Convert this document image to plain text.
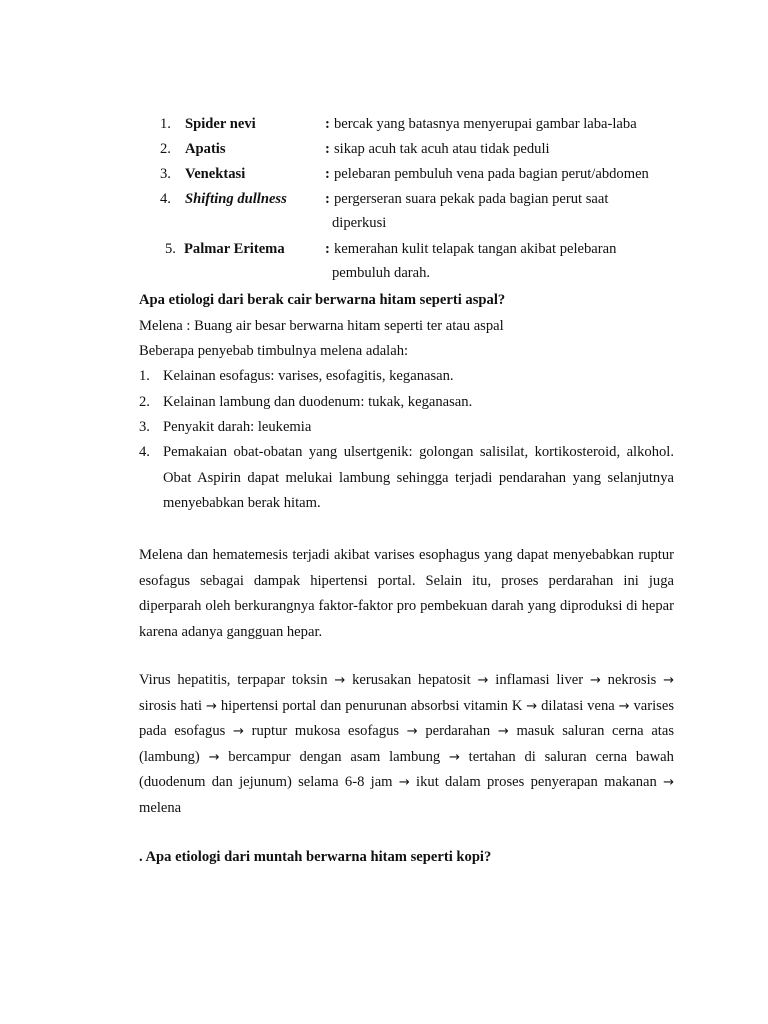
1. Spider nevi	: bercak yang batasnya menyerupai gambar laba-laba
2. Apatis	: sikap acuh tak acuh atau tidak peduli
3. Venektasi	: pelebaran pembuluh vena pada bagian perut/abdomen
4. Shifting dullness	: pergerseran suara pekak pada bagian perut saat
diperkusi
5. Palmar Eritema	: kemerahan kulit telapak tangan akibat pelebaran
pembuluh darah.
Apa etiologi dari berak cair berwarna hitam seperti aspal?
Melena : Buang air besar berwarna hitam seperti ter atau aspal
Beberapa penyebab timbulnya melena adalah:
1. Kelainan esofagus: varises, esofagitis, keganasan.
2. Kelainan lambung dan duodenum: tukak, keganasan.
3. Penyakit darah: leukemia
4. Pemakaian obat-obatan yang ulsertgenik: golongan salisilat, kortikosteroid, alkohol. Obat Aspirin dapat melukai lambung sehingga terjadi pendarahan yang selanjutnya menyebabkan berak hitam.
Melena dan hematemesis terjadi akibat varises esophagus yang dapat menyebabkan ruptur esofagus sebagai dampak hipertensi portal. Selain itu, proses perdarahan ini juga diperparah oleh berkurangnya faktor-faktor pro pembekuan darah yang diproduksi di hepar karena adanya gangguan hepar.
Virus hepatitis, terpapar toksin → kerusakan hepatosit → inflamasi liver → nekrosis → sirosis hati → hipertensi portal dan penurunan absorbsi vitamin K → dilatasi vena → varises pada esofagus → ruptur mukosa esofagus → perdarahan → masuk saluran cerna atas (lambung) → bercampur dengan asam lambung → tertahan di saluran cerna bawah (duodenum dan jejunum) selama 6-8 jam → ikut dalam proses penyerapan makanan → melena
. Apa etiologi dari muntah berwarna hitam seperti kopi?
